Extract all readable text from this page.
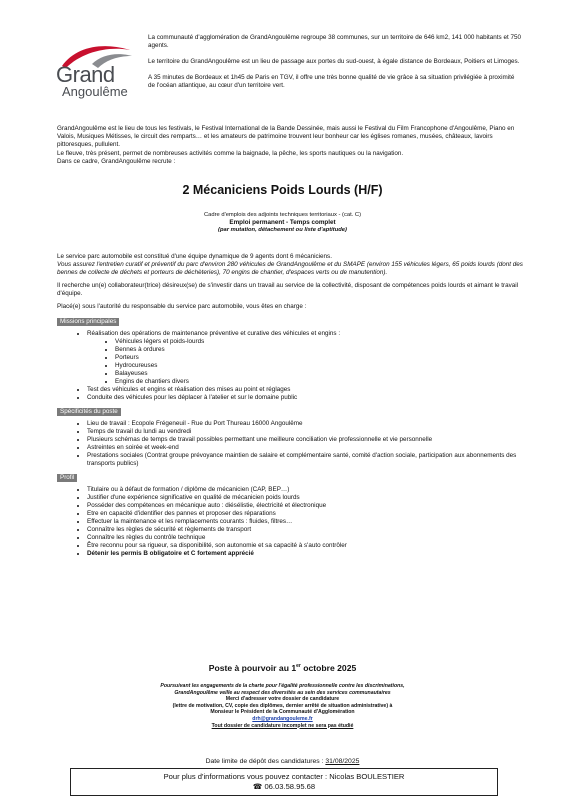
Grand
Angoulême

La communauté d'agglomération de GrandAngoulême regroupe 38 communes, sur un territoire de 646 km2, 141 000 habitants et 750 agents.

Le territoire du GrandAngoulême est un lieu de passage aux portes du sud-ouest, à égale distance de Bordeaux, Poitiers et Limoges.

A 35 minutes de Bordeaux et 1h45 de Paris en TGV, il offre une très bonne qualité de vie grâce à sa situation privilégiée à proximité de l'océan atlantique, au cœur d'un territoire vert.

GrandAngoulême est le lieu de tous les festivals, le Festival International de la Bande Dessinée, mais aussi le Festival du Film Francophone d'Angoulême, Piano en Valois, Musiques Métisses, le circuit des remparts… et les amateurs de patrimoine trouvent leur bonheur car les églises romanes, musées, châteaux, lavoirs pittoresques, pullulent.

Le fleuve, très présent, permet de nombreuses activités comme la baignade, la pêche, les sports nautiques ou la navigation.

Dans ce cadre, GrandAngoulême recrute :

2 Mécaniciens Poids Lourds (H/F)
Cadre d'emplois des adjoints techniques territoriaux - (cat. C)
Emploi permanent - Temps complet
(par mutation, détachement ou liste d'aptitude)

Le service parc automobile est constitué d'une équipe dynamique de 9 agents dont 6 mécaniciens.
Vous assurez l'entretien curatif et préventif du parc d'environ 280 véhicules de GrandAngoulême et du SMAPE (environ 155 véhicules légers, 65 poids lourds (dont des bennes de collecte de déchets et porteurs de déchèteries), 70 engins de chantier, d'espaces verts ou de manutention).

Il recherche un(e) collaborateur(trice) désireux(se) de s'investir dans un travail au service de la collectivité, disposant de compétences poids lourds et aimant le travail d'équipe.

Placé(e) sous l'autorité du responsable du service parc automobile, vous êtes en charge :

Missions principales
• Réalisation des opérations de maintenance préventive et curative des véhicules et engins :
• Véhicules légers et poids-lourds
• Bennes à ordures
• Porteurs
• Hydrocureuses
• Balayeuses
• Engins de chantiers divers
• Test des véhicules et engins et réalisation des mises au point et réglages
• Conduite des véhicules pour les déplacer à l'atelier et sur le domaine public
Spécificités du poste
• Lieu de travail : Ecopole Frégeneuil - Rue du Port Thureau 16000 Angoulême
• Temps de travail du lundi au vendredi
• Plusieurs schémas de temps de travail possibles permettant une meilleure conciliation vie professionnelle et vie personnelle
• Astreintes en soirée et week-end
• Prestations sociales (Contrat groupe prévoyance maintien de salaire et complémentaire santé, comité d'action sociale, participation aux abonnements des transports publics)
Profil
• Titulaire ou à défaut de formation / diplôme de mécanicien (CAP, BEP…)
• Justifier d'une expérience significative en qualité de mécanicien poids lourds
• Posséder des compétences en mécanique auto : diésélistie, électricité et électronique
• Etre en capacité d'identifier des pannes et proposer des réparations
• Effectuer la maintenance et les remplacements courants : fluides, filtres…
• Connaître les règles de sécurité et règlements de transport
• Connaître les règles du contrôle technique
• Être reconnu pour sa rigueur, sa disponibilité, son autonomie et sa capacité à s'auto contrôler
• Détenir les permis B obligatoire et C fortement apprécié
Poste à pourvoir au 1er octobre 2025
Poursuivant les engagements de la charte pour l'égalité professionnelle contre les discriminations,
GrandAngoulême veille au respect des diversités au sein des services communautaires
Merci d'adresser votre dossier de candidature
(lettre de motivation, CV, copie des diplômes, dernier arrêté de situation administrative) à
Monsieur le Président de la Communauté d'Agglomération
drh@grandangouleme.fr
Tout dossier de candidature incomplet ne sera pas étudié
Date limite de dépôt des candidatures : 31/08/2025
Pour plus d'informations vous pouvez contacter : Nicolas BOULESTIER
☎ 06.03.58.95.68
